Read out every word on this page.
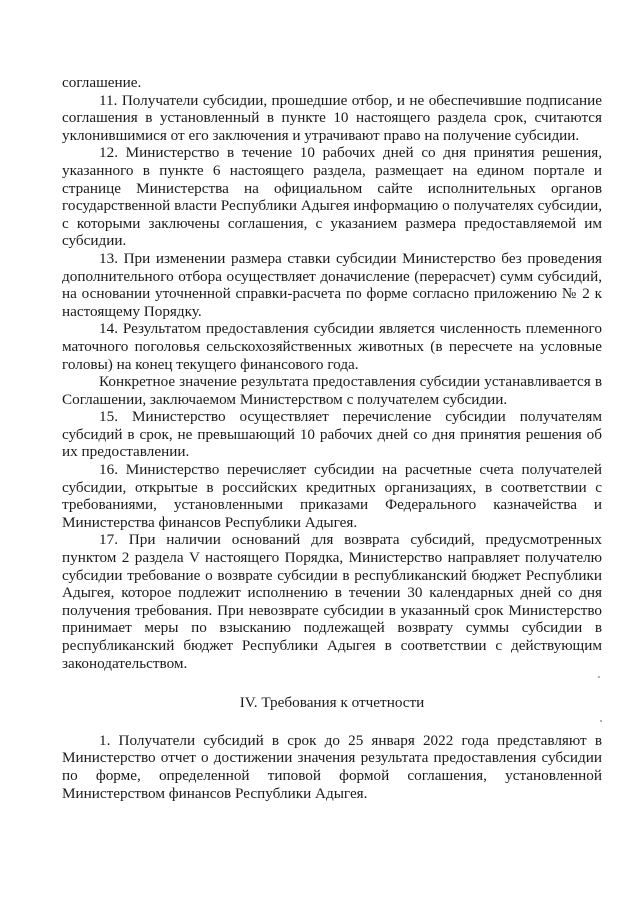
соглашение.

11. Получатели субсидии, прошедшие отбор, и не обеспечившие подписание соглашения в установленный в пункте 10 настоящего раздела срок, считаются уклонившимися от его заключения и утрачивают право на получение субсидии.

12. Министерство в течение 10 рабочих дней со дня принятия решения, указанного в пункте 6 настоящего раздела, размещает на едином портале и странице Министерства на официальном сайте исполнительных органов государственной власти Республики Адыгея информацию о получателях субсидии, с которыми заключены соглашения, с указанием размера предоставляемой им субсидии.

13. При изменении размера ставки субсидии Министерство без проведения дополнительного отбора осуществляет доначисление (перерасчет) сумм субсидий, на основании уточненной справки-расчета по форме согласно приложению № 2 к настоящему Порядку.

14. Результатом предоставления субсидии является численность племенного маточного поголовья сельскохозяйственных животных (в пересчете на условные головы) на конец текущего финансового года.

Конкретное значение результата предоставления субсидии устанавливается в Соглашении, заключаемом Министерством с получателем субсидии.

15. Министерство осуществляет перечисление субсидии получателям субсидий в срок, не превышающий 10 рабочих дней со дня принятия решения об их предоставлении.

16. Министерство перечисляет субсидии на расчетные счета получателей субсидии, открытые в российских кредитных организациях, в соответствии с требованиями, установленными приказами Федерального казначейства и Министерства финансов Республики Адыгея.

17. При наличии оснований для возврата субсидий, предусмотренных пунктом 2 раздела V настоящего Порядка, Министерство направляет получателю субсидии требование о возврате субсидии в республиканский бюджет Республики Адыгея, которое подлежит исполнению в течении 30 календарных дней со дня получения требования. При невозврате субсидии в указанный срок Министерство принимает меры по взысканию подлежащей возврату суммы субсидии в республиканский бюджет Республики Адыгея в соответствии с действующим законодательством.

IV. Требования к отчетности

1. Получатели субсидий в срок до 25 января 2022 года представляют в Министерство отчет о достижении значения результата предоставления субсидии по форме, определенной типовой формой соглашения, установленной Министерством финансов Республики Адыгея.
